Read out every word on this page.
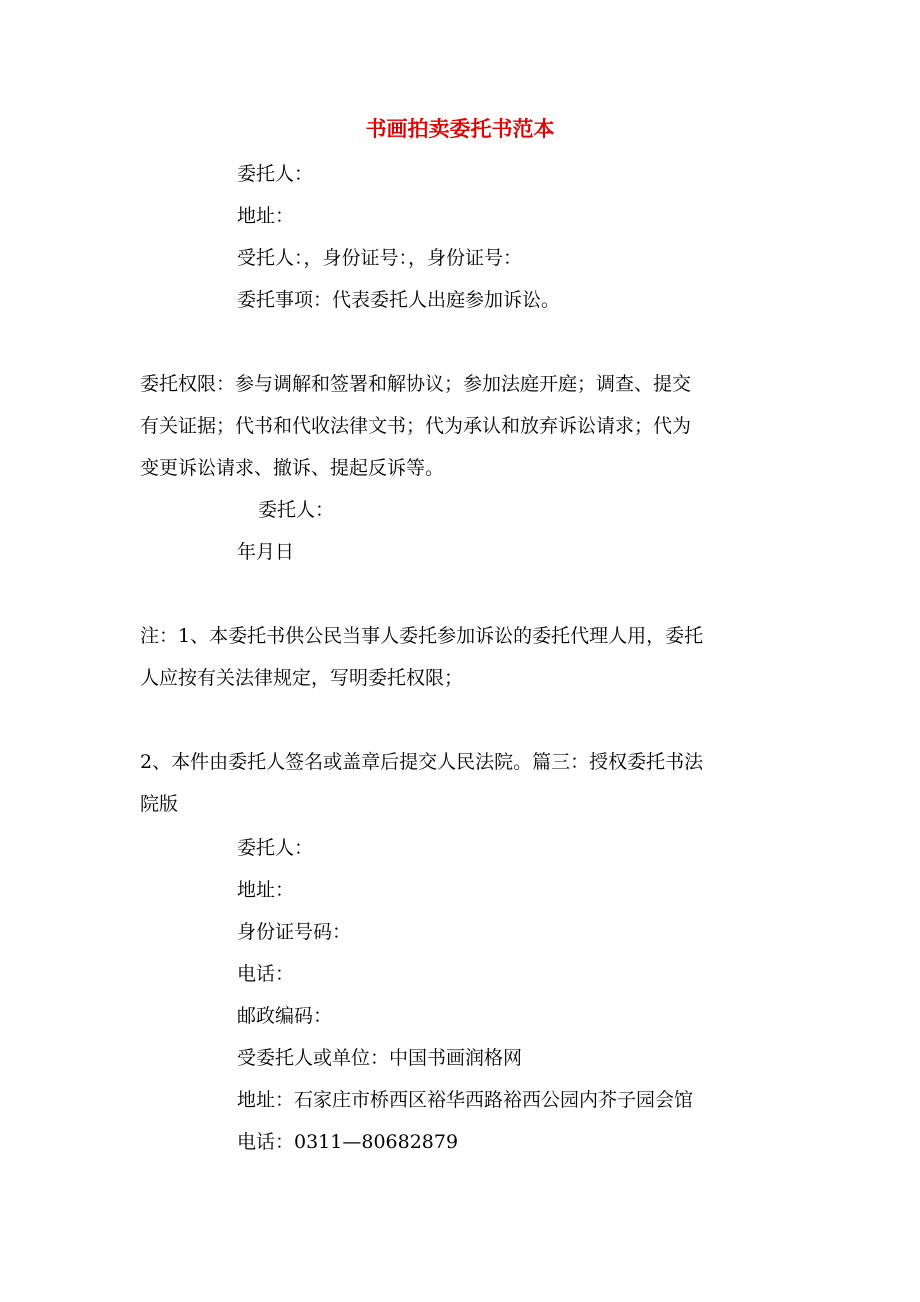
书画拍卖委托书范本
委托人：
地址：
受托人：，身份证号：，身份证号：
委托事项：代表委托人出庭参加诉讼。
委托权限：参与调解和签署和解协议；参加法庭开庭；调查、提交
有关证据；代书和代收法律文书；代为承认和放弃诉讼请求；代为
变更诉讼请求、撤诉、提起反诉等。
委托人：
年月日
注：1、本委托书供公民当事人委托参加诉讼的委托代理人用，委托
人应按有关法律规定，写明委托权限；
2、本件由委托人签名或盖章后提交人民法院。篇三：授权委托书法
院版
委托人：
地址：
身份证号码：
电话：
邮政编码：
受委托人或单位：中国书画润格网
地址：石家庄市桥西区裕华西路裕西公园内芥子园会馆
电话：0311—80682879
